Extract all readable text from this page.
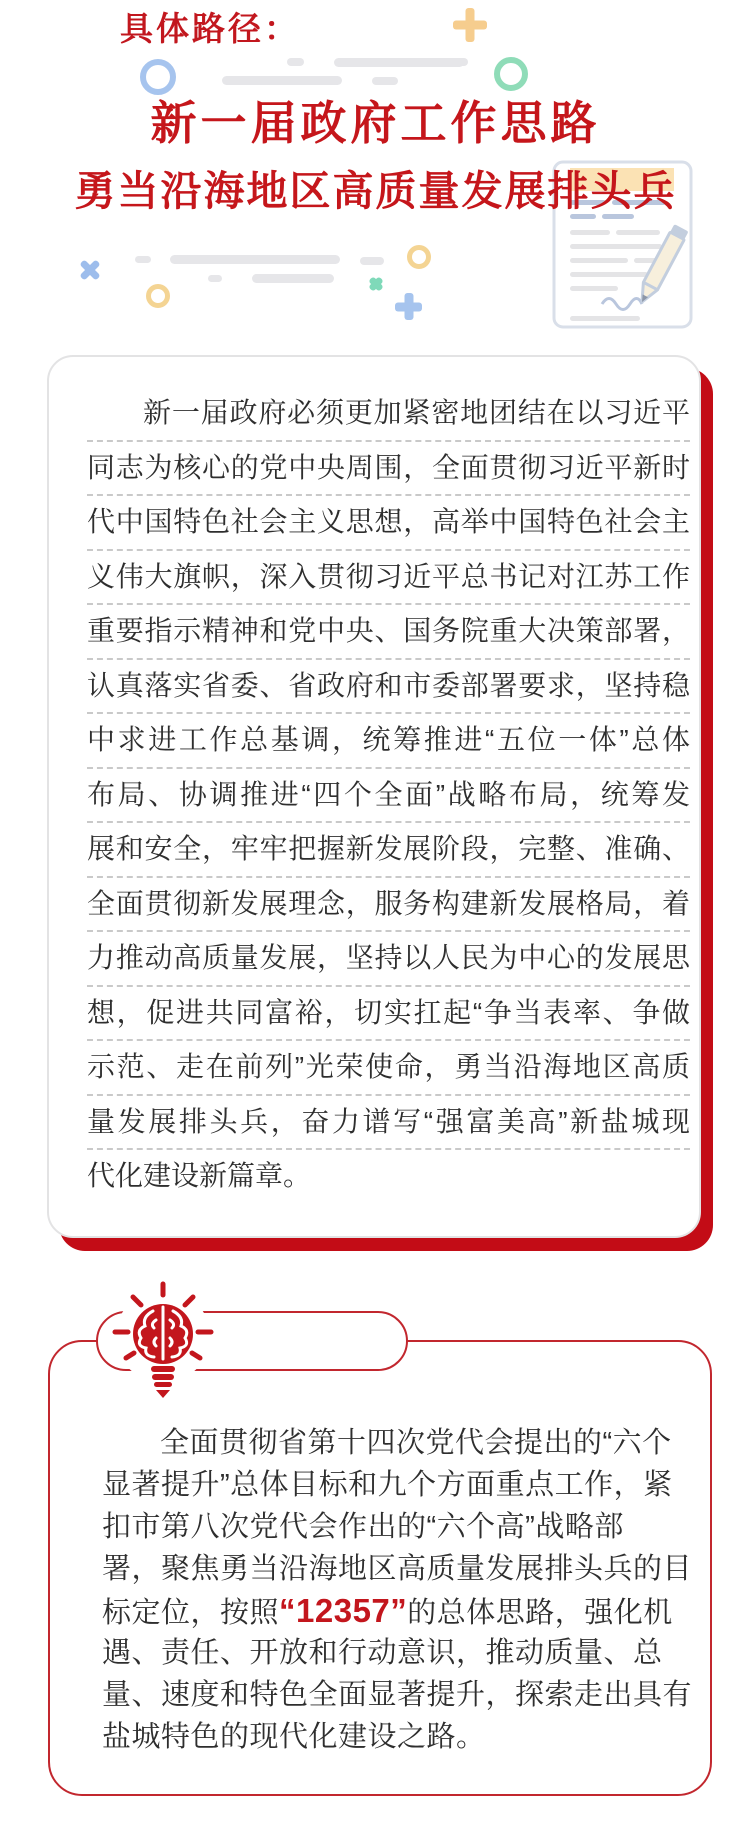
新一届政府工作思路
勇当沿海地区高质量发展排头兵
新一届政府必须更加紧密地团结在以习近平
同志为核心的党中央周围，全面贯彻习近平新时
代中国特色社会主义思想，高举中国特色社会主
义伟大旗帜，深入贯彻习近平总书记对江苏工作
重要指示精神和党中央、国务院重大决策部署，
认真落实省委、省政府和市委部署要求，坚持稳
中求进工作总基调，统筹推进“五位一体”总体
布局、协调推进“四个全面”战略布局，统筹发
展和安全，牢牢把握新发展阶段，完整、准确、
全面贯彻新发展理念，服务构建新发展格局，着
力推动高质量发展，坚持以人民为中心的发展思
想，促进共同富裕，切实扛起“争当表率、争做
示范、走在前列”光荣使命，勇当沿海地区高质
量发展排头兵，奋力谱写“强富美高”新盐城现
代化建设新篇章。
全面贯彻省第十四次党代会提出的“六个
显著提升”总体目标和九个方面重点工作，紧
扣市第八次党代会作出的“六个高”战略部
署，聚焦勇当沿海地区高质量发展排头兵的目
标定位，按照“12357”的总体思路，强化机
遇、责任、开放和行动意识，推动质量、总
量、速度和特色全面显著提升，探索走出具有
盐城特色的现代化建设之路。
具体路径：
